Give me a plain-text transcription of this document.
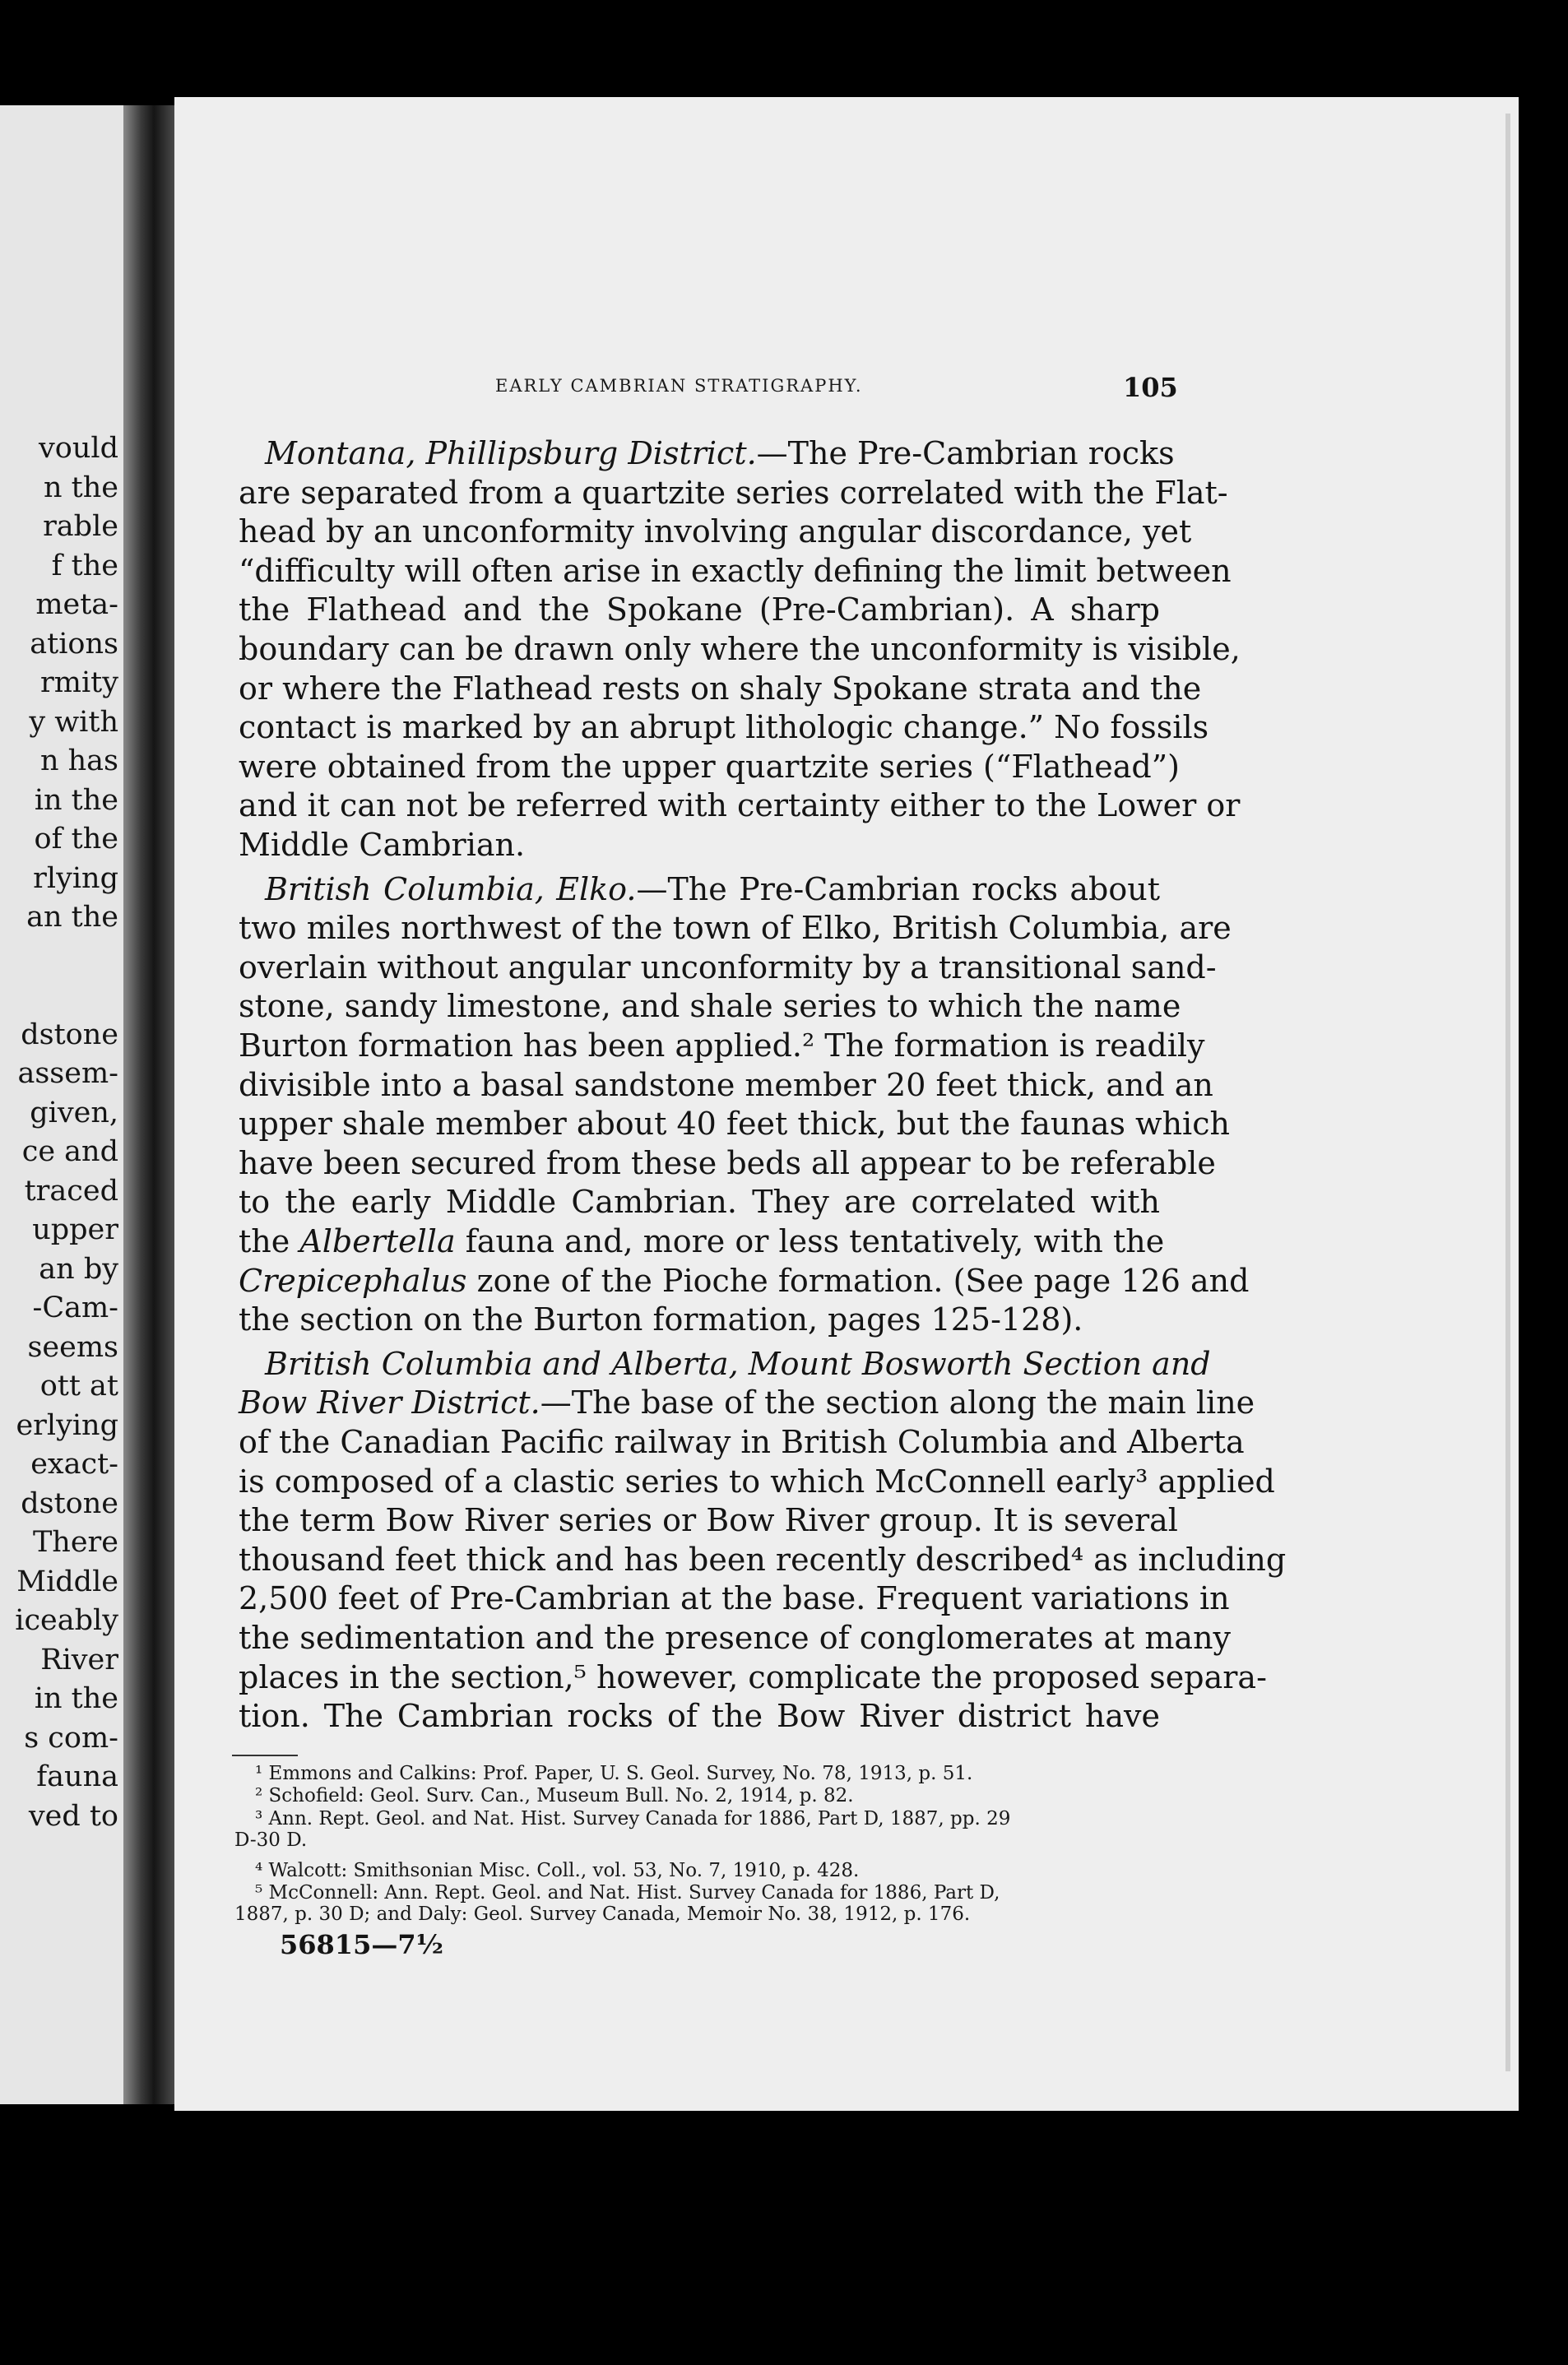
vould
n the
rable
f the
meta-
ations
rmity
y with
n has
in the
of the
rlying
an the
dstone
assem-
given,
ce and
traced
upper
an by
-Cam-
seems
ott at
erlying
exact-
dstone
There
Middle
iceably
River
in the
s com-
fauna
ved to
EARLY CAMBRIAN STRATIGRAPHY.	105
Montana, Phillipsburg District.—The Pre-Cambrian rocks
are separated from a quartzite series correlated with the Flat-
head by an unconformity involving angular discordance, yet
“difficulty will often arise in exactly defining the limit between
the Flathead and the Spokane (Pre-Cambrian). A sharp
boundary can be drawn only where the unconformity is visible,
or where the Flathead rests on shaly Spokane strata and the
contact is marked by an abrupt lithologic change.” No fossils
were obtained from the upper quartzite series (“Flathead”)
and it can not be referred with certainty either to the Lower or
Middle Cambrian.
British Columbia, Elko.—The Pre-Cambrian rocks about
two miles northwest of the town of Elko, British Columbia, are
overlain without angular unconformity by a transitional sand-
stone, sandy limestone, and shale series to which the name
Burton formation has been applied.² The formation is readily
divisible into a basal sandstone member 20 feet thick, and an
upper shale member about 40 feet thick, but the faunas which
have been secured from these beds all appear to be referable
to the early Middle Cambrian. They are correlated with
the Albertella fauna and, more or less tentatively, with the
Crepicephalus zone of the Pioche formation. (See page 126 and
the section on the Burton formation, pages 125-128).
British Columbia and Alberta, Mount Bosworth Section and
Bow River District.—The base of the section along the main line
of the Canadian Pacific railway in British Columbia and Alberta
is composed of a clastic series to which McConnell early³ applied
the term Bow River series or Bow River group. It is several
thousand feet thick and has been recently described⁴ as including
2,500 feet of Pre-Cambrian at the base. Frequent variations in
the sedimentation and the presence of conglomerates at many
places in the section,⁵ however, complicate the proposed separa-
tion. The Cambrian rocks of the Bow River district have
¹ Emmons and Calkins: Prof. Paper, U. S. Geol. Survey, No. 78, 1913, p. 51.
² Schofield: Geol. Surv. Can., Museum Bull. No. 2, 1914, p. 82.
³ Ann. Rept. Geol. and Nat. Hist. Survey Canada for 1886, Part D, 1887, pp. 29
D-30 D.
⁴ Walcott: Smithsonian Misc. Coll., vol. 53, No. 7, 1910, p. 428.
⁵ McConnell: Ann. Rept. Geol. and Nat. Hist. Survey Canada for 1886, Part D,
1887, p. 30 D; and Daly: Geol. Survey Canada, Memoir No. 38, 1912, p. 176.
56815—7½
